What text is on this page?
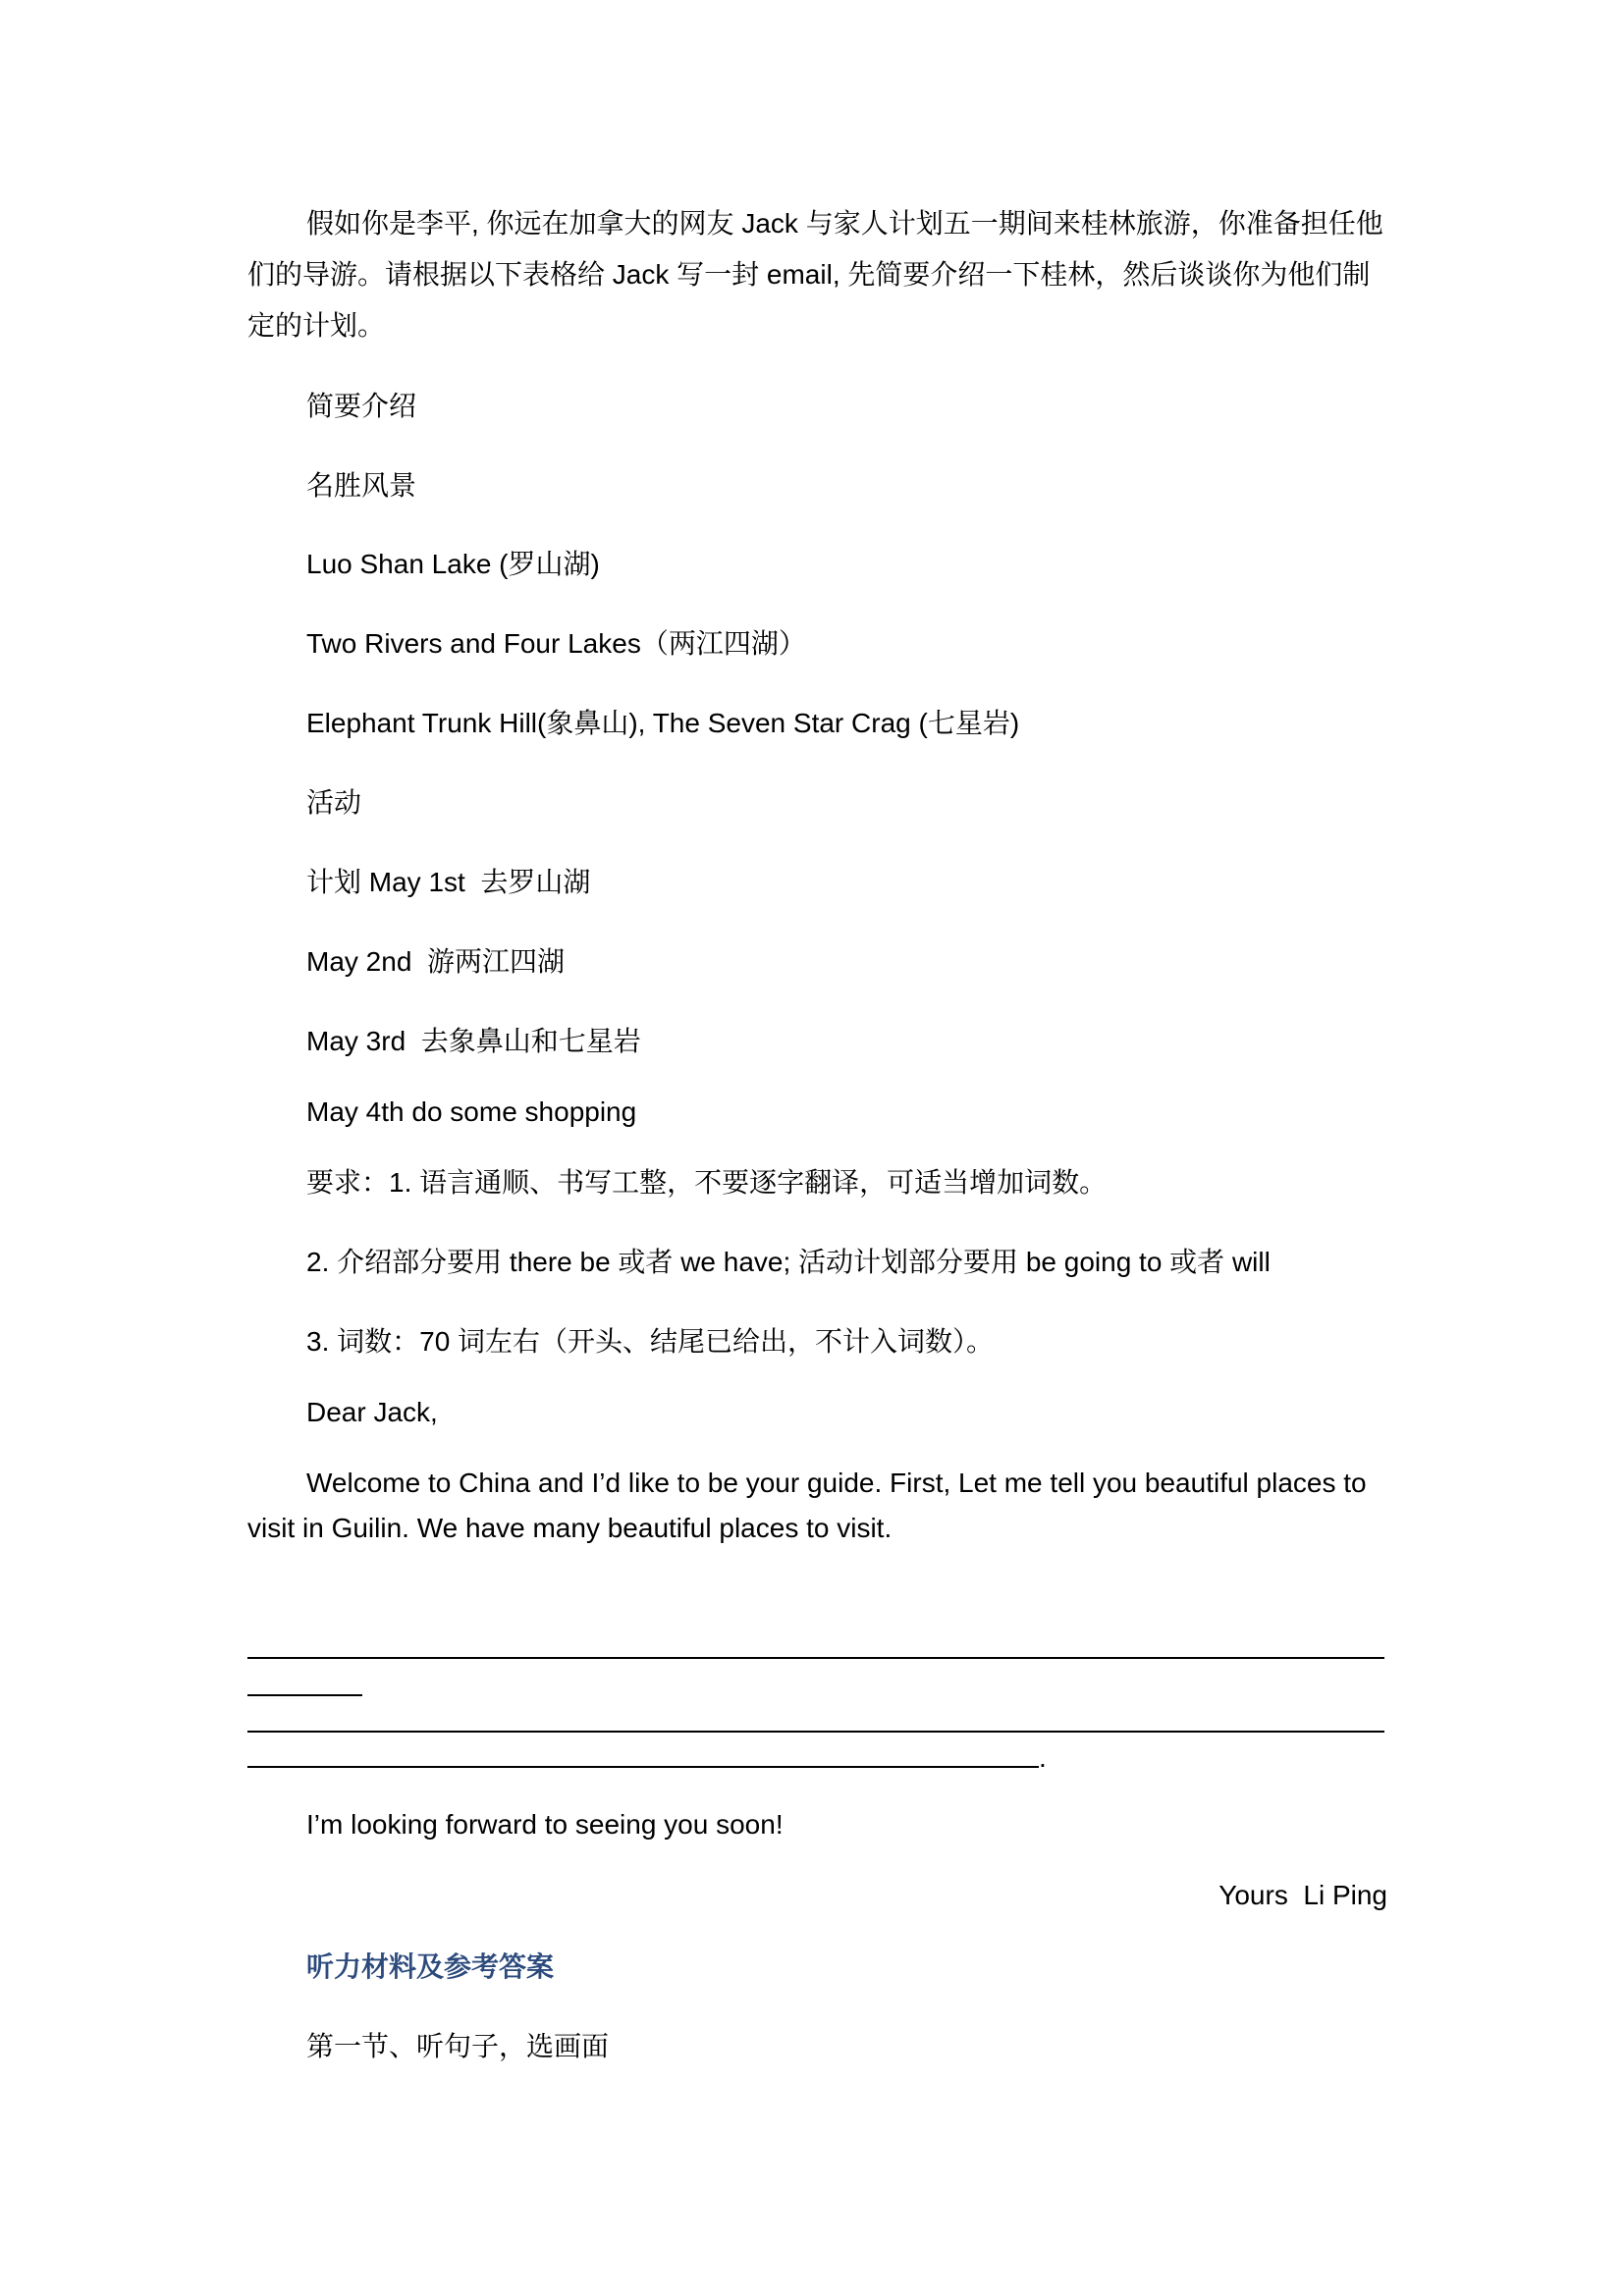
假如你是李平, 你远在加拿大的网友 Jack 与家人计划五一期间来桂林旅游，你准备担任他们的导游。请根据以下表格给 Jack 写一封 email, 先简要介绍一下桂林，然后谈谈你为他们制定的计划。

简要介绍
名胜风景
Luo Shan Lake (罗山湖)
Two Rivers and Four Lakes（两江四湖）
Elephant Trunk Hill(象鼻山), The Seven Star Crag (七星岩)
活动
计划 May 1st  去罗山湖
May 2nd  游两江四湖
May 3rd  去象鼻山和七星岩
May 4th do some shopping
要求：1. 语言通顺、书写工整，不要逐字翻译，可适当增加词数。
2. 介绍部分要用 there be 或者 we have; 活动计划部分要用 be going to 或者 will
3. 词数：70 词左右（开头、结尾已给出，不计入词数）。
Dear Jack,

Welcome to China and I’d like to be your guide. First, Let me tell you beautiful places to visit in Guilin. We have many beautiful places to visit.

.
I’m looking forward to seeing you soon!
Yours  Li Ping
听力材料及参考答案
第一节、听句子，选画面
